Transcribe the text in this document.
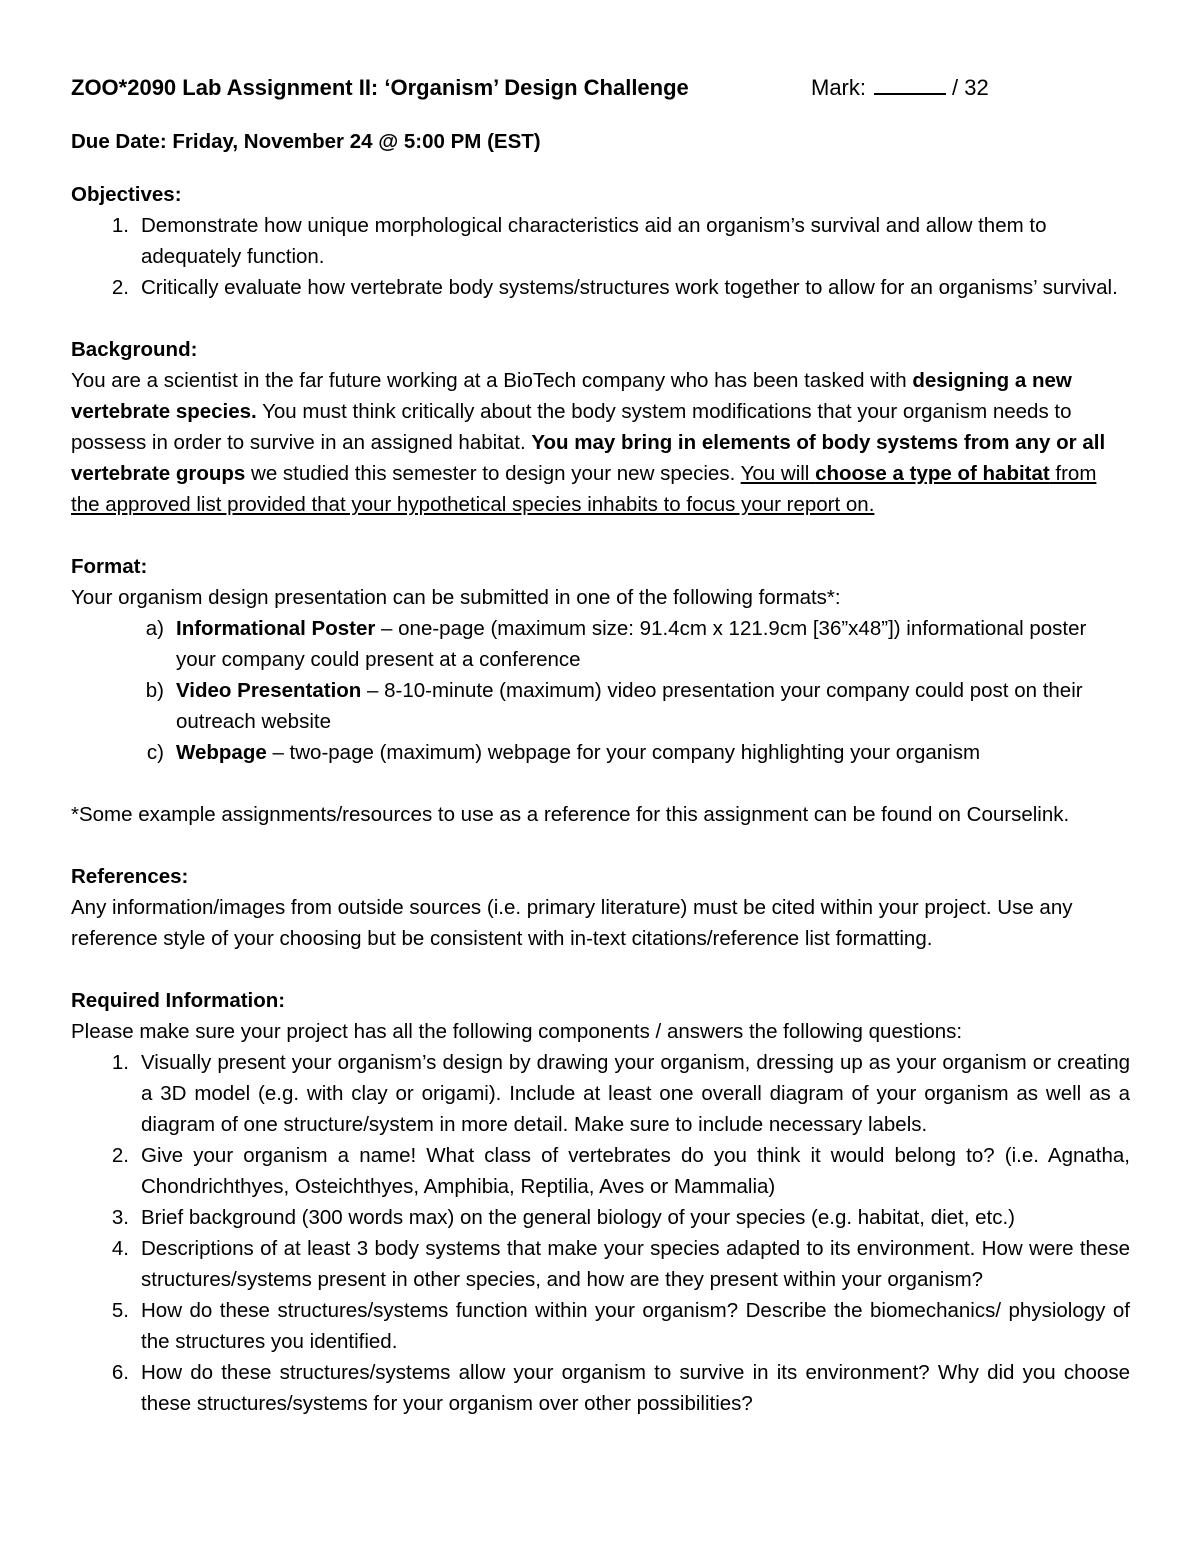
ZOO*2090 Lab Assignment II: ‘Organism’ Design Challenge	Mark:	/ 32
Due Date: Friday, November 24 @ 5:00 PM (EST)
Objectives:
1. Demonstrate how unique morphological characteristics aid an organism’s survival and allow them to adequately function.
2. Critically evaluate how vertebrate body systems/structures work together to allow for an organisms’ survival.
Background:

You are a scientist in the far future working at a BioTech company who has been tasked with designing a new vertebrate species. You must think critically about the body system modifications that your organism needs to possess in order to survive in an assigned habitat. You may bring in elements of body systems from any or all vertebrate groups we studied this semester to design your new species. You will choose a type of habitat from the approved list provided that your hypothetical species inhabits to focus your report on.

Format:

Your organism design presentation can be submitted in one of the following formats*:

a) Informational Poster – one-page (maximum size: 91.4cm x 121.9cm [36”x48”]) informational poster your company could present at a conference
b) Video Presentation – 8-10-minute (maximum) video presentation your company could post on their outreach website
c) Webpage – two-page (maximum) webpage for your company highlighting your organism

*Some example assignments/resources to use as a reference for this assignment can be found on Courselink.

References:

Any information/images from outside sources (i.e. primary literature) must be cited within your project. Use any reference style of your choosing but be consistent with in-text citations/reference list formatting.

Required Information:

Please make sure your project has all the following components / answers the following questions:

1. Visually present your organism’s design by drawing your organism, dressing up as your organism or creating a 3D model (e.g. with clay or origami). Include at least one overall diagram of your organism as well as a diagram of one structure/system in more detail. Make sure to include necessary labels.
2. Give your organism a name! What class of vertebrates do you think it would belong to? (i.e. Agnatha, Chondrichthyes, Osteichthyes, Amphibia, Reptilia, Aves or Mammalia)
3. Brief background (300 words max) on the general biology of your species (e.g. habitat, diet, etc.)
4. Descriptions of at least 3 body systems that make your species adapted to its environment. How were these structures/systems present in other species, and how are they present within your organism?
5. How do these structures/systems function within your organism? Describe the biomechanics/ physiology of the structures you identified.
6. How do these structures/systems allow your organism to survive in its environment? Why did you choose these structures/systems for your organism over other possibilities?
